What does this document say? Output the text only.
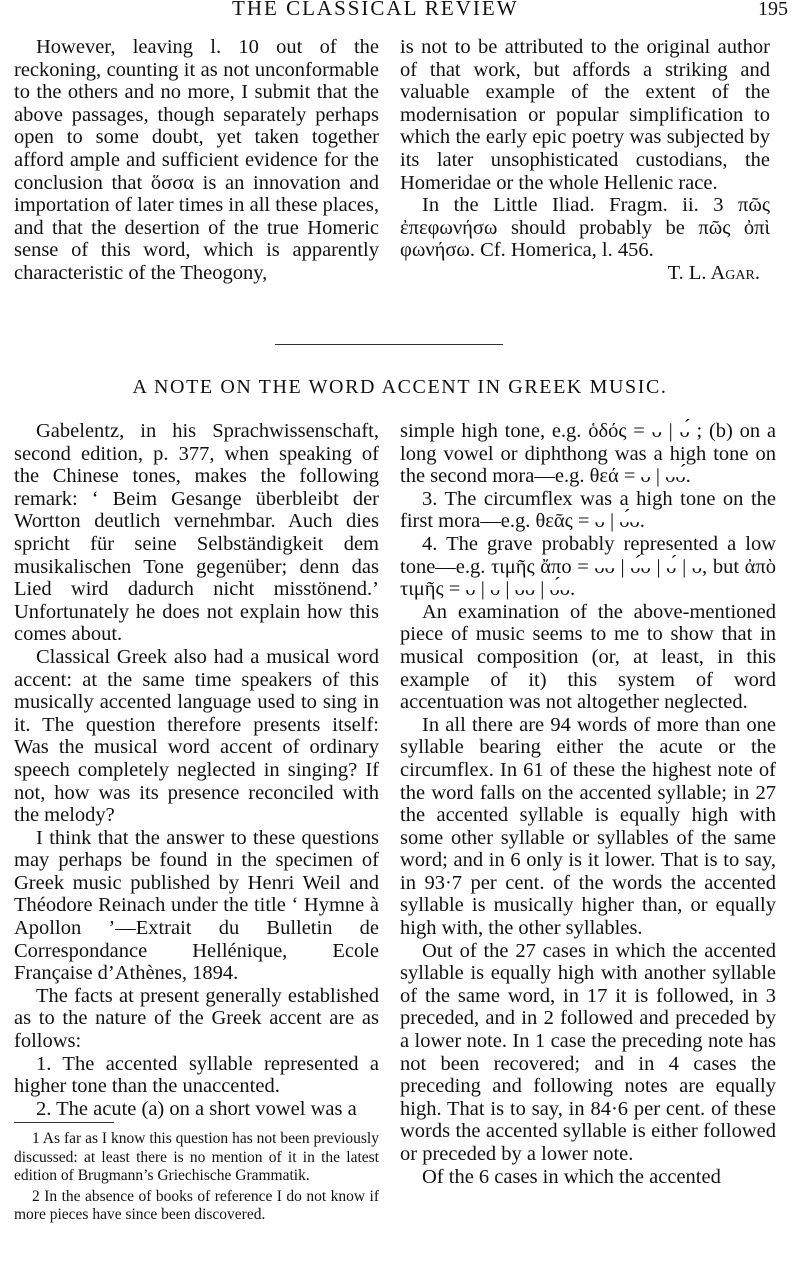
THE CLASSICAL REVIEW	195

However, leaving l. 10 out of the reckoning, counting it as not unconformable to the others and no more, I submit that the above passages, though separately perhaps open to some doubt, yet taken together afford ample and sufficient evidence for the conclusion that ὅσσα is an innovation and importation of later times in all these places, and that the desertion of the true Homeric sense of this word, which is apparently characteristic of the Theogony,

is not to be attributed to the original author of that work, but affords a striking and valuable example of the extent of the modernisation or popular simplification to which the early epic poetry was subjected by its later unsophisticated custodians, the Homeridae or the whole Hellenic race.

In the Little Iliad. Fragm. ii. 3 πῶς ἐπεφωνήσω should probably be πῶς ὀπὶ φωνήσω. Cf. Homerica, l. 456.

T. L. Agar.
A NOTE ON THE WORD ACCENT IN GREEK MUSIC.

Gabelentz, in his Sprachwissenschaft, second edition, p. 377, when speaking of the Chinese tones, makes the following remark: ‘ Beim Gesange überbleibt der Wortton deutlich vernehmbar. Auch dies spricht für seine Selbständigkeit dem musikalischen Tone gegenüber; denn das Lied wird dadurch nicht misstönend.’ Unfortunately he does not explain how this comes about.

Classical Greek also had a musical word accent: at the same time speakers of this musically accented language used to sing in it. The question therefore presents itself: Was the musical word accent of ordinary speech completely neglected in singing? If not, how was its presence reconciled with the melody?

I think that the answer to these questions may perhaps be found in the specimen of Greek music published by Henri Weil and Théodore Reinach under the title ‘ Hymne à Apollon ’—Extrait du Bulletin de Correspondance Hellénique, Ecole Française d’Athènes, 1894.

The facts at present generally established as to the nature of the Greek accent are as follows:

1. The accented syllable represented a higher tone than the unaccented.

2. The acute (a) on a short vowel was a

simple high tone, e.g. ὁδός = ᴗ | ᴗ́ ; (b) on a long vowel or diphthong was a high tone on the second mora—e.g. θεά = ᴗ | ᴗᴗ́.

3. The circumflex was a high tone on the first mora—e.g. θεᾶς = ᴗ | ᴗ́ᴗ.

4. The grave probably represented a low tone—e.g. τιμῆς ἄπο = ᴗᴗ | ᴗ́ᴗ | ᴗ́ | ᴗ, but ἀπὸ τιμῆς = ᴗ | ᴗ | ᴗᴗ | ᴗ́ᴗ.

An examination of the above-mentioned piece of music seems to me to show that in musical composition (or, at least, in this example of it) this system of word accentuation was not altogether neglected.

In all there are 94 words of more than one syllable bearing either the acute or the circumflex. In 61 of these the highest note of the word falls on the accented syllable; in 27 the accented syllable is equally high with some other syllable or syllables of the same word; and in 6 only is it lower. That is to say, in 93·7 per cent. of the words the accented syllable is musically higher than, or equally high with, the other syllables.

Out of the 27 cases in which the accented syllable is equally high with another syllable of the same word, in 17 it is followed, in 3 preceded, and in 2 followed and preceded by a lower note. In 1 case the preceding note has not been recovered; and in 4 cases the preceding and following notes are equally high. That is to say, in 84·6 per cent. of these words the accented syllable is either followed or preceded by a lower note.

Of the 6 cases in which the accented

1 As far as I know this question has not been previously discussed: at least there is no mention of it in the latest edition of Brugmann’s Griechische Grammatik.

2 In the absence of books of reference I do not know if more pieces have since been discovered.
